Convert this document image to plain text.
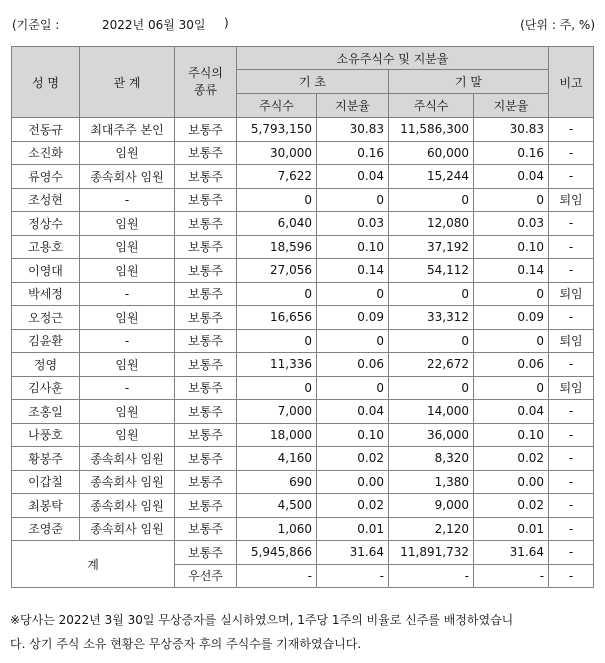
(기준일 :	2022년 06월 30일 )	(단위 : 주, %)
성 명	관 계	주식의 종류	소유주식수 및 지분율				비고
			기 초		기 말		
			주식수	지분율	주식수	지분율	
전동규	최대주주 본인	보통주	5,793,150	30.83	11,586,300	30.83	-
소진화	임원	보통주	30,000	0.16	60,000	0.16	-
류영수	종속회사 임원	보통주	7,622	0.04	15,244	0.04	-
조성현	-	보통주	0	0	0	0	퇴임
정상수	임원	보통주	6,040	0.03	12,080	0.03	-
고용호	임원	보통주	18,596	0.10	37,192	0.10	-
이영대	임원	보통주	27,056	0.14	54,112	0.14	-
박세정	-	보통주	0	0	0	0	퇴임
오정근	임원	보통주	16,656	0.09	33,312	0.09	-
김윤환	-	보통주	0	0	0	0	퇴임
정영	임원	보통주	11,336	0.06	22,672	0.06	-
김사훈	-	보통주	0	0	0	0	퇴임
조홍일	임원	보통주	7,000	0.04	14,000	0.04	-
나풍호	임원	보통주	18,000	0.10	36,000	0.10	-
황봉주	종속회사 임원	보통주	4,160	0.02	8,320	0.02	-
이갑칠	종속회사 임원	보통주	690	0.00	1,380	0.00	-
최봉탁	종속회사 임원	보통주	4,500	0.02	9,000	0.02	-
조영준	종속회사 임원	보통주	1,060	0.01	2,120	0.01	-
계		보통주	5,945,866	31.64	11,891,732	31.64	-
		우선주	-	-	-	-	-
※당사는 2022년 3월 30일 무상증자를 실시하였으며, 1주당 1주의 비율로 신주를 배정하였습니
다. 상기 주식 소유 현황은 무상증자 후의 주식수를 기재하였습니다.
